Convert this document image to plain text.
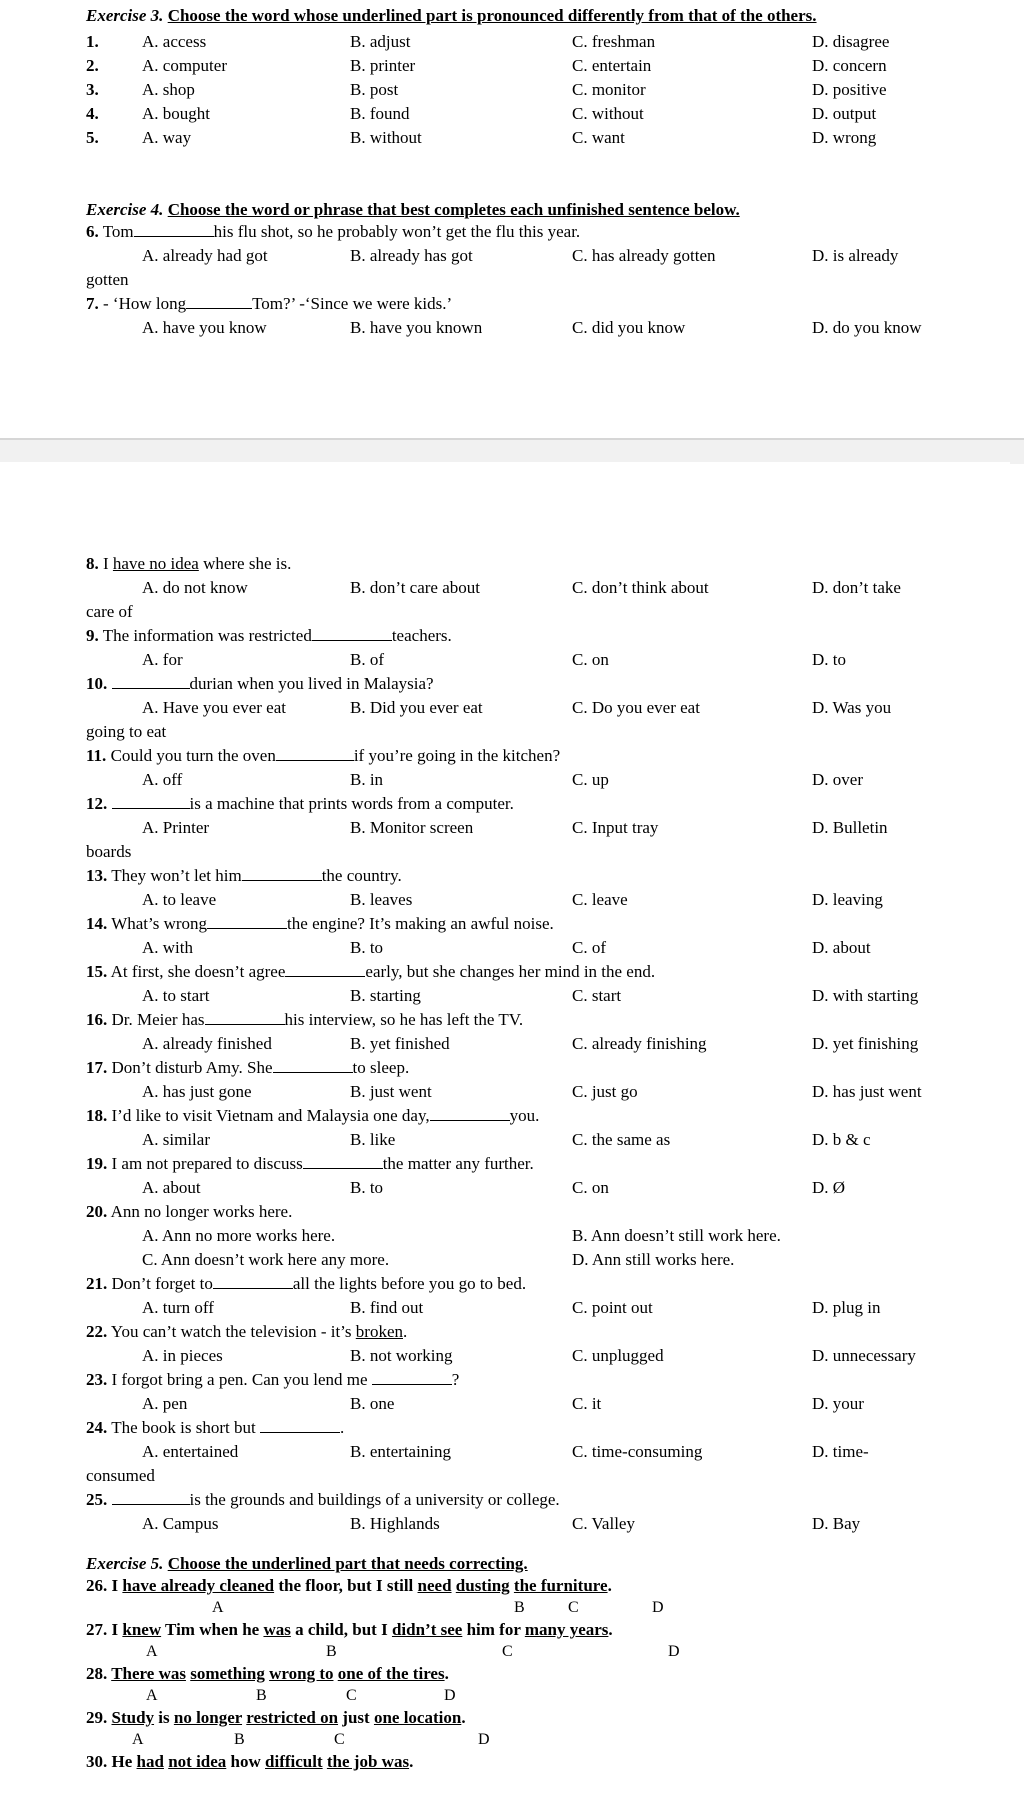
Exercise 3. Choose the word whose underlined part is pronounced differently from that of the others.
1.	A. access	B. adjust	C. freshman	D. disagree
2.	A. computer	B. printer	C. entertain	D. concern
3.	A. shop	B. post	C. monitor	D. positive
4.	A. bought	B. found	C. without	D. output
5.	A. way	B. without	C. want	D. wrong
Exercise 4. Choose the word or phrase that best completes each unfinished sentence below.
6. Tom	his flu shot, so he probably won’t get the flu this year.
A. already had got	B. already has got	C. has already gotten	D. is already
gotten
7. - ‘How long	Tom?’ -‘Since we were kids.’
A. have you know	B. have you known	C. did you know	D. do you know
8. I have no idea where she is.
A. do not know	B. don’t care about	C. don’t think about	D. don’t take
care of
9. The information was restricted	teachers.
A. for	B. of	C. on	D. to
10.	durian when you lived in Malaysia?
A. Have you ever eat	B. Did you ever eat	C. Do you ever eat	D. Was you
going to eat
11. Could you turn the oven	if you’re going in the kitchen?
A. off	B. in	C. up	D. over
12.	is a machine that prints words from a computer.
A. Printer	B. Monitor screen	C. Input tray	D. Bulletin
boards
13. They won’t let him	the country.
A. to leave	B. leaves	C. leave	D. leaving
14. What’s wrong	the engine? It’s making an awful noise.
A. with	B. to	C. of	D. about
15. At first, she doesn’t agree	early, but she changes her mind in the end.
A. to start	B. starting	C. start	D. with starting
16. Dr. Meier has	his interview, so he has left the TV.
A. already finished	B. yet finished	C. already finishing	D. yet finishing
17. Don’t disturb Amy. She	to sleep.
A. has just gone	B. just went	C. just go	D. has just went
18. I’d like to visit Vietnam and Malaysia one day,	you.
A. similar	B. like	C. the same as	D. b & c
19. I am not prepared to discuss	the matter any further.
A. about	B. to	C. on	D. Ø
20. Ann no longer works here.
A. Ann no more works here.	B. Ann doesn’t still work here.
C. Ann doesn’t work here any more.	D. Ann still works here.
21. Don’t forget to	all the lights before you go to bed.
A. turn off	B. find out	C. point out	D. plug in
22. You can’t watch the television - it’s broken.
A. in pieces	B. not working	C. unplugged	D. unnecessary
23. I forgot bring a pen. Can you lend me	?
A. pen	B. one	C. it	D. your
24. The book is short but	.
A. entertained	B. entertaining	C. time-consuming	D. time-
consumed
25.	is the grounds and buildings of a university or college.
A. Campus	B. Highlands	C. Valley	D. Bay
Exercise 5. Choose the underlined part that needs correcting.
26. I have already cleaned the floor, but I still need dusting the furniture.
A	B	C	D
27. I knew Tim when he was a child, but I didn’t see him for many years.
A	B	C	D
28. There was something wrong to one of the tires.
A	B	C	D
29. Study is no longer restricted on just one location.
A	B	C	D
30. He had not idea how difficult the job was.
